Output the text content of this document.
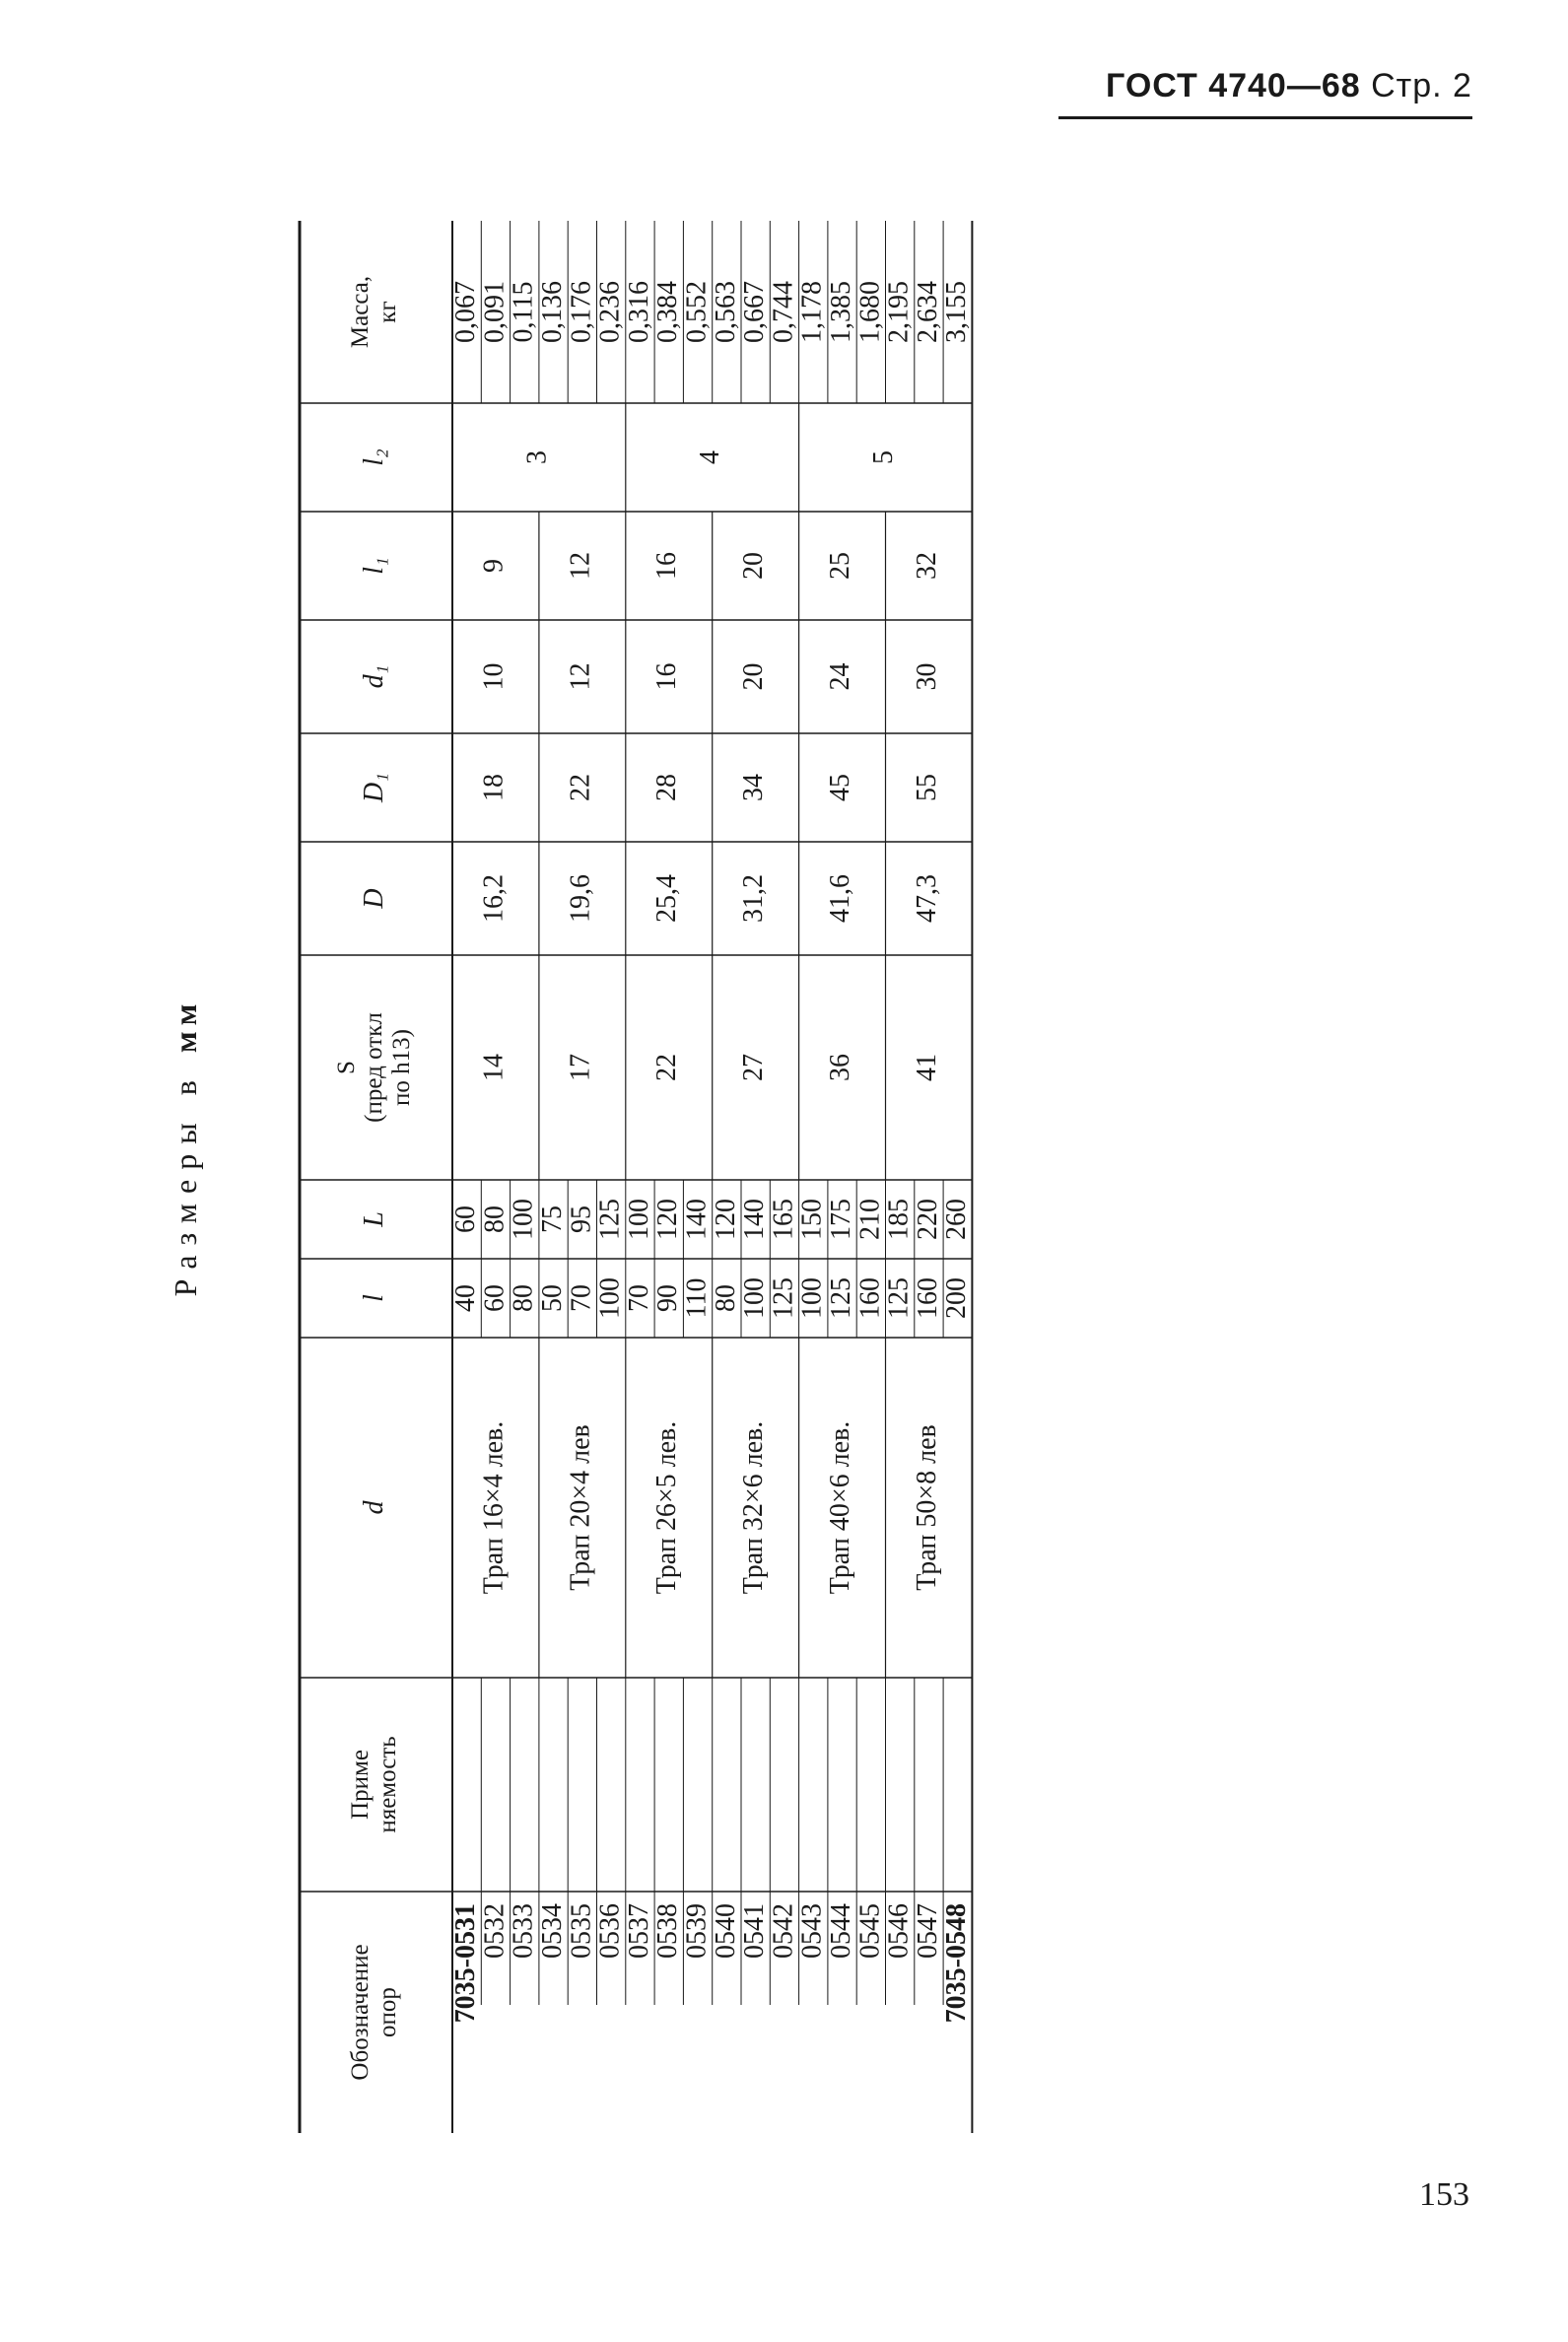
ГОСТ 4740—68 Стр. 2
Размеры в мм
Обозначение опор
Приме няемость
d
l
L
S (пред откл по h13)
D
D₁
d₁
l₁
l₂
Масса, кг
7035-0531
40
60
0,067
0532
60
80
0,091
0533
80
100
0,115
0534
50
75
0,136
0535
70
95
0,176
0536
100
125
0,236
0537
70
100
0,316
0538
90
120
0,384
0539
110
140
0,552
0540
80
120
0,563
0541
100
140
0,667
0542
125
165
0,744
0543
100
150
1,178
0544
125
175
1,385
0545
160
210
1,680
0546
125
185
2,195
0547
160
220
2,634
7035-0548
200
260
3,155
Трап 16×4 лев.
14
16,2
18
10
9
Трап 20×4 лев
17
19,6
22
12
12
Трап 26×5 лев.
22
25,4
28
16
16
Трап 32×6 лев.
27
31,2
34
20
20
Трап 40×6 лев.
36
41,6
45
24
25
Трап 50×8 лев
41
47,3
55
30
32
3	4	5
153
